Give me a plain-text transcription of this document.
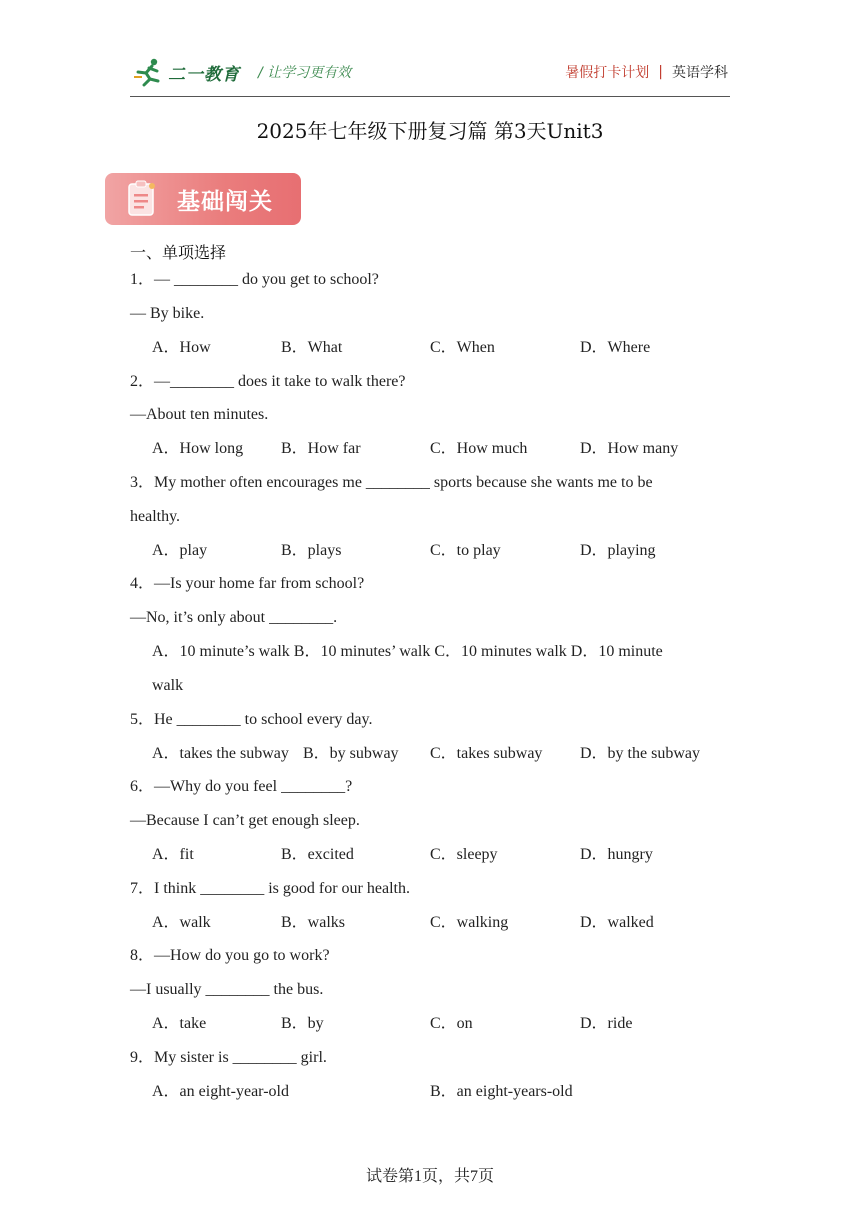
二一教育 / 让学习更有效	暑假打卡计划 | 英语学科
2025年七年级下册复习篇 第3天Unit3
基础闯关
一、单项选择
1．— ________ do you get to school?
— By bike.
A．How	B．What	C．When	D．Where
2．—________ does it take to walk there?
—About ten minutes.
A．How long B．How far	C．How much	D．How many
3．My mother often encourages me ________ sports because she wants me to be
healthy.
A．play	B．plays	C．to play	D．playing
4．—Is your home far from school?
—No, it’s only about ________.
A．10 minute’s walk B．10 minutes’ walk C．10 minutes walk D．10 minute
walk
5．He ________ to school every day.
A．takes the subway B．by subway C．takes subway D．by the subway
6．—Why do you feel ________?
—Because I can’t get enough sleep.
A．fit	B．excited	C．sleepy	D．hungry
7．I think ________ is good for our health.
A．walk	B．walks	C．walking	D．walked
8．—How do you go to work?
—I usually ________ the bus.
A．take	B．by	C．on	D．ride
9．My sister is ________ girl.
A．an eight-year-old	B．an eight-years-old
试卷第1页，共7页
